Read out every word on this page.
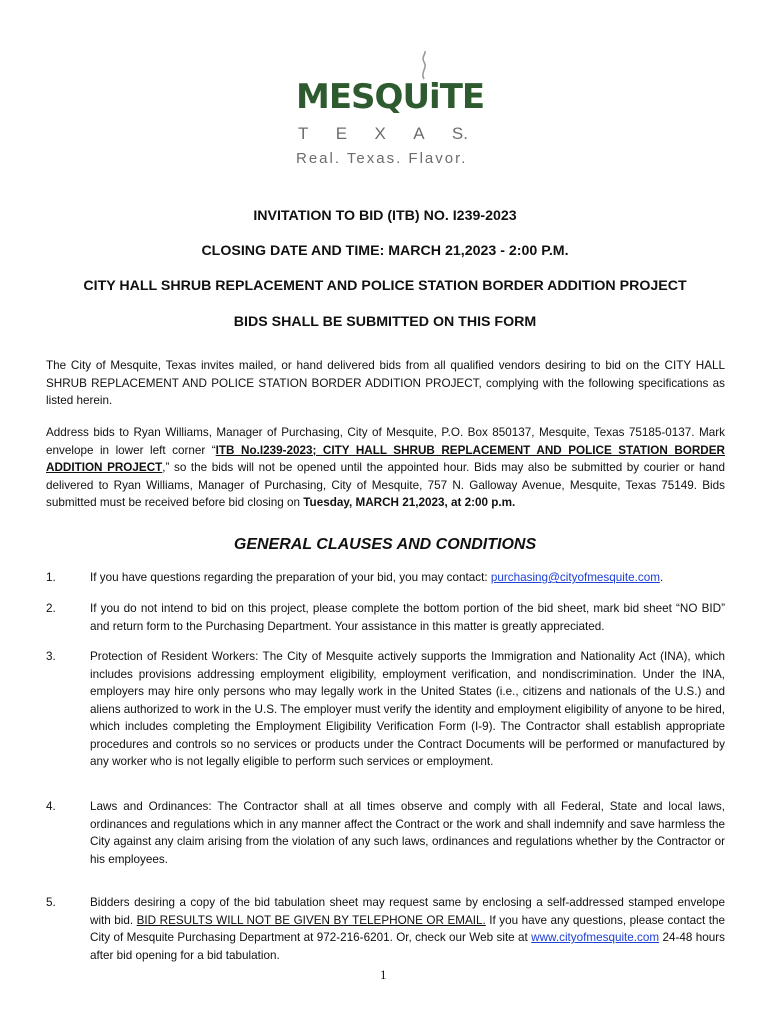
MESQUiTE
T E X A S.
Real. Texas. Flavor.
INVITATION TO BID (ITB) NO. I239-2023
CLOSING DATE AND TIME: MARCH 21,2023 - 2:00 P.M.
CITY HALL SHRUB REPLACEMENT AND POLICE STATION BORDER ADDITION PROJECT
BIDS SHALL BE SUBMITTED ON THIS FORM
The City of Mesquite, Texas invites mailed, or hand delivered bids from all qualified vendors desiring to bid on the CITY HALL SHRUB REPLACEMENT AND POLICE STATION BORDER ADDITION PROJECT, complying with the following specifications as listed herein.
Address bids to Ryan Williams, Manager of Purchasing, City of Mesquite, P.O. Box 850137, Mesquite, Texas 75185-0137. Mark envelope in lower left corner “ITB No.I239-2023; CITY HALL SHRUB REPLACEMENT AND POLICE STATION BORDER ADDITION PROJECT,” so the bids will not be opened until the appointed hour. Bids may also be submitted by courier or hand delivered to Ryan Williams, Manager of Purchasing, City of Mesquite, 757 N. Galloway Avenue, Mesquite, Texas 75149. Bids submitted must be received before bid closing on Tuesday, MARCH 21,2023, at 2:00 p.m.
GENERAL CLAUSES AND CONDITIONS
1.	If you have questions regarding the preparation of your bid, you may contact: purchasing@cityofmesquite.com.
2.	If you do not intend to bid on this project, please complete the bottom portion of the bid sheet, mark bid sheet “NO BID” and return form to the Purchasing Department. Your assistance in this matter is greatly appreciated.
3.	Protection of Resident Workers: The City of Mesquite actively supports the Immigration and Nationality Act (INA), which includes provisions addressing employment eligibility, employment verification, and nondiscrimination. Under the INA, employers may hire only persons who may legally work in the United States (i.e., citizens and nationals of the U.S.) and aliens authorized to work in the U.S. The employer must verify the identity and employment eligibility of anyone to be hired, which includes completing the Employment Eligibility Verification Form (I-9). The Contractor shall establish appropriate procedures and controls so no services or products under the Contract Documents will be performed or manufactured by any worker who is not legally eligible to perform such services or employment.
4.	Laws and Ordinances: The Contractor shall at all times observe and comply with all Federal, State and local laws, ordinances and regulations which in any manner affect the Contract or the work and shall indemnify and save harmless the City against any claim arising from the violation of any such laws, ordinances and regulations whether by the Contractor or his employees.
5.	Bidders desiring a copy of the bid tabulation sheet may request same by enclosing a self-addressed stamped envelope with bid. BID RESULTS WILL NOT BE GIVEN BY TELEPHONE OR EMAIL. If you have any questions, please contact the City of Mesquite Purchasing Department at 972-216-6201. Or, check our Web site at www.cityofmesquite.com 24-48 hours after bid opening for a bid tabulation.
1
